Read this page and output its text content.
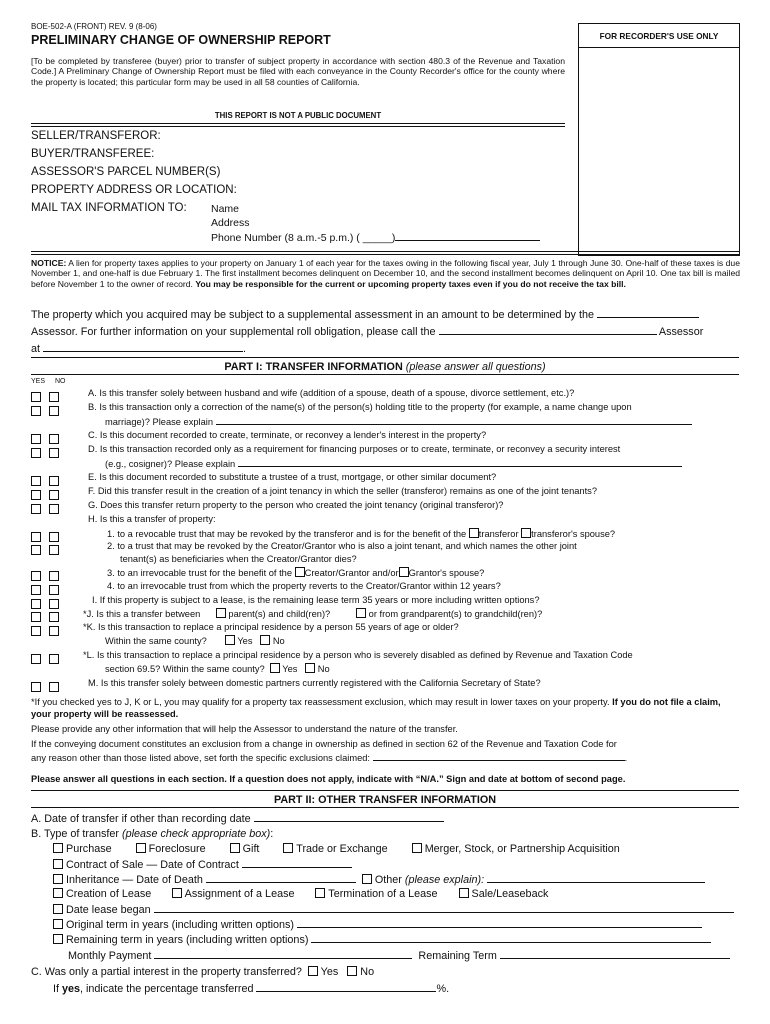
BOE-502-A (FRONT) REV. 9 (8-06)
PRELIMINARY CHANGE OF OWNERSHIP REPORT	FOR RECORDER'S USE ONLY
[To be completed by transferee (buyer) prior to transfer of subject property in accordance with section 480.3 of the Revenue and Taxation Code.] A Preliminary Change of Ownership Report must be filed with each conveyance in the County Recorder's office for the county where the property is located; this particular form may be used in all 58 counties of California.
THIS REPORT IS NOT A PUBLIC DOCUMENT
SELLER/TRANSFEROR:
BUYER/TRANSFEREE:
ASSESSOR'S PARCEL NUMBER(S)
PROPERTY ADDRESS OR LOCATION:
MAIL TAX INFORMATION TO: Name
Address
Phone Number (8 a.m.-5 p.m.) ( _____)
NOTICE: A lien for property taxes applies to your property on January 1 of each year for the taxes owing in the following fiscal year, July 1 through June 30. One-half of these taxes is due November 1, and one-half is due February 1. The first installment becomes delinquent on December 10, and the second installment becomes delinquent on April 10. One tax bill is mailed before November 1 to the owner of record. You may be responsible for the current or upcoming property taxes even if you do not receive the tax bill.
The property which you acquired may be subject to a supplemental assessment in an amount to be determined by the
Assessor. For further information on your supplemental roll obligation, please call the	Assessor
at	.
PART I: TRANSFER INFORMATION (please answer all questions)
YES NO
A. Is this transfer solely between husband and wife (addition of a spouse, death of a spouse, divorce settlement, etc.)?
B. Is this transaction only a correction of the name(s) of the person(s) holding title to the property (for example, a name change upon
marriage)? Please explain
C. Is this document recorded to create, terminate, or reconvey a lender's interest in the property?
D. Is this transaction recorded only as a requirement for financing purposes or to create, terminate, or reconvey a security interest
(e.g., cosigner)? Please explain
E. Is this document recorded to substitute a trustee of a trust, mortgage, or other similar document?
F. Did this transfer result in the creation of a joint tenancy in which the seller (transferor) remains as one of the joint tenants?
G. Does this transfer return property to the person who created the joint tenancy (original transferor)?
H. Is this a transfer of property:
1. to a revocable trust that may be revoked by the transferor and is for the benefit of the transferor transferor's spouse?
2. to a trust that may be revoked by the Creator/Grantor who is also a joint tenant, and which names the other joint
tenant(s) as beneficiaries when the Creator/Grantor dies?
3. to an irrevocable trust for the benefit of the Creator/Grantor and/or Grantor's spouse?
4. to an irrevocable trust from which the property reverts to the Creator/Grantor within 12 years?
I. If this property is subject to a lease, is the remaining lease term 35 years or more including written options?
*J. Is this a transfer between	parent(s) and child(ren)?	or from grandparent(s) to grandchild(ren)?
*K. Is this transaction to replace a principal residence by a person 55 years of age or older?
Within the same county?	Yes No
*L. Is this transaction to replace a principal residence by a person who is severely disabled as defined by Revenue and Taxation Code
section 69.5? Within the same county? Yes No
M. Is this transfer solely between domestic partners currently registered with the California Secretary of State?
*If you checked yes to J, K or L, you may qualify for a property tax reassessment exclusion, which may result in lower taxes on your property. If you do not file a claim, your property will be reassessed.
Please provide any other information that will help the Assessor to understand the nature of the transfer.
If the conveying document constitutes an exclusion from a change in ownership as defined in section 62 of the Revenue and Taxation Code for
any reason other than those listed above, set forth the specific exclusions claimed:	.
Please answer all questions in each section. If a question does not apply, indicate with “N/A.” Sign and date at bottom of second page.
PART II: OTHER TRANSFER INFORMATION
A. Date of transfer if other than recording date
B. Type of transfer (please check appropriate box):
Purchase	Foreclosure	Gift	Trade or Exchange	Merger, Stock, or Partnership Acquisition
Contract of Sale — Date of Contract
Inheritance — Date of Death	Other (please explain):
Creation of Lease	Assignment of a Lease	Termination of a Lease	Sale/Leaseback
Date lease began
Original term in years (including written options)
Remaining term in years (including written options)
Monthly Payment	Remaining Term
C. Was only a partial interest in the property transferred? Yes No
If yes, indicate the percentage transferred	%.
